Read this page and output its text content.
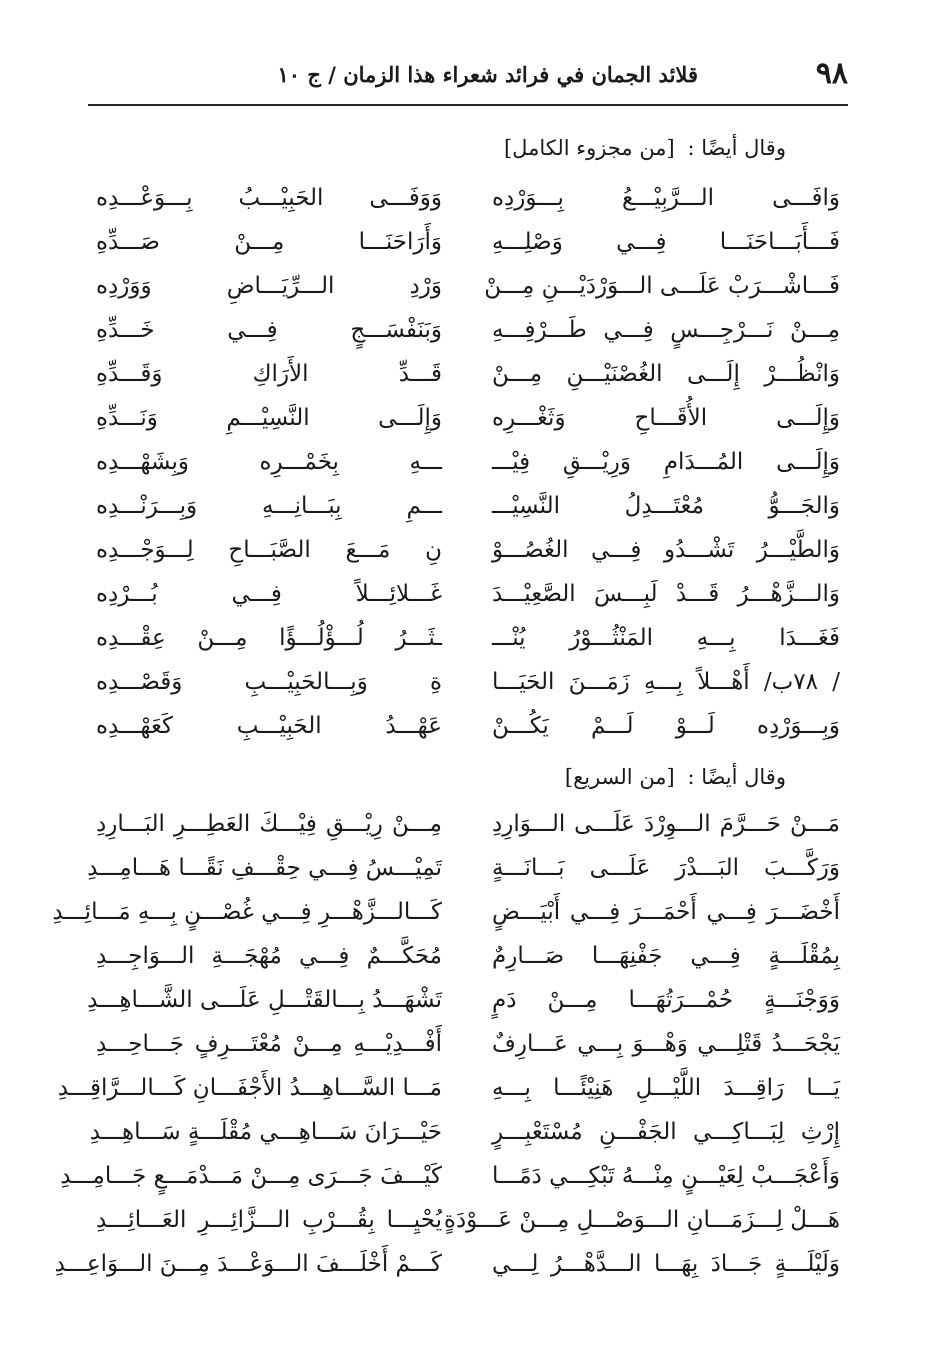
٩٨
قلائد الجمان في فرائد شعراء هذا الزمان / ج ١٠
وقال أيضًا : [من مجزوء الكامل]
وَافَـــى الـــرَّبِيْـــعُ بِـــوَرْدِه
وَوَفَـــى الحَبِيْـــبُ بِـــوَعْـــدِه
فَـــأَبَـــاحَنَـــا فِـــي وَصْلِـــهِ
وَأَرَاحَنَـــا مِـــنْ صَـــدِّهِ
فَـــاشْـــرَبْ عَلَـــى الـــوَرْدَيْـــنِ مِـــنْ
وَرْدِ الـــرِّيَـــاضِ وَوَرْدِه
مِـــنْ نَـــرْجِـــسٍ فِـــي طَـــرْفِـــهِ
وَبَنَفْسَـــجٍ فِـــي خَـــدِّهِ
وَانْظُـــرْ إِلَـــى الغُصْنَيْـــنِ مِـــنْ
قَـــدِّ الأَرَاكِ وَقَـــدِّهِ
وَإِلَـــى الأُقَـــاحِ وَثَغْـــرِه
وَإِلَـــى النَّسِيْـــمِ وَنَـــدِّهِ
وَإِلَـــى المُـــدَامِ وَرِيْـــقِ فِيْـــ
ـــهِ بِخَمْـــرِه وَبِشَهْـــدِه
وَالجَـــوُّ مُعْتَـــدِلُ النَّسِيْـــ
ـــمِ بِبَـــانِـــهِ وَبِـــرَنْـــدِه
وَالطَّيْـــرُ تَشْـــدُو فِـــي الغُصُـــوْ
نِ مَـــعَ الصَّبَـــاحِ لِـــوَجْـــدِه
وَالـــزَّهْـــرُ قَـــدْ لَبِـــسَ الصَّعِيْـــدَ
غَـــلائِـــلاً فِـــي بُـــرْدِه
فَغَـــدَا بِـــهِ المَنْثُـــوْرُ يُنْـــ
ـثَـــرُ لُـــؤْلُـــؤًا مِـــنْ عِقْـــدِه
/ ٧٨ب/ أَهْـــلاً بِـــهِ زَمَـــنَ الحَيَـــا
ةِ وَبِـــالحَبِيْـــبِ وَقَصْـــدِه
وَبِـــوَرْدِه لَـــوْ لَـــمْ يَكُـــنْ
عَهْـــدُ الحَبِيْـــبِ كَعَهْـــدِه
وقال أيضًا : [من السريع]
مَـــنْ حَـــرَّمَ الـــوِرْدَ عَلَـــى الـــوَارِدِ
مِـــنْ رِيْـــقِ فِيْـــكَ العَطِـــرِ البَـــارِدِ
وَرَكَّـــبَ البَـــدْرَ عَلَـــى بَـــانَـــةٍ
تَمِيْـــسُ فِـــي حِقْـــفِ نَقًـــا هَـــامِـــدِ
أَخْضَـــرَ فِـــي أَحْمَـــرَ فِـــي أَبْيَـــضٍ
كَـــالـــزَّهْـــرِ فِـــي غُصْـــنٍ بِـــهِ مَـــائِـــدِ
بِمُقْلَـــةٍ فِـــي جَفْنِهَـــا صَـــارِمٌ
مُحَكَّـــمٌ فِـــي مُهْجَـــةِ الـــوَاجِـــدِ
وَوَجْنَـــةٍ حُمْـــرَتُهَـــا مِـــنْ دَمٍ
تَشْهَـــدُ بِـــالقَتْـــلِ عَلَـــى الشَّـــاهِـــدِ
يَجْحَـــدُ قَتْلِـــي وَهْـــوَ بِـــي عَـــارِفٌ
أَفْـــدِيْـــهِ مِـــنْ مُعْتَـــرِفٍ جَـــاحِـــدِ
يَـــا رَاقِـــدَ اللَّيْـــلِ هَنِيْئًـــا بِـــهِ
مَـــا السَّـــاهِـــدُ الأَجْفَـــانِ كَـــالـــرَّاقِـــدِ
إِرْثِ لِبَـــاكِـــي الجَفْـــنِ مُسْتَعْبِـــرٍ
حَيْـــرَانَ سَـــاهِـــي مُقْلَـــةٍ سَـــاهِـــدِ
وَأَعْجَـــبْ لِعَيْـــنٍ مِنْـــهُ تَبْكِـــي دَمًـــا
كَيْـــفَ جَـــرَى مِـــنْ مَـــدْمَـــعٍ جَـــامِـــدِ
هَـــلْ لِـــزَمَـــانِ الـــوَصْـــلِ مِـــنْ عَـــوْدَةٍ
يُحْيِـــا بِقُـــرْبِ الـــزَّائِـــرِ العَـــائِـــدِ
وَلَيْلَـــةٍ جَـــادَ بِهَـــا الـــدَّهْـــرُ لِـــي
كَـــمْ أَخْلَـــفَ الـــوَعْـــدَ مِـــنَ الـــوَاعِـــدِ
